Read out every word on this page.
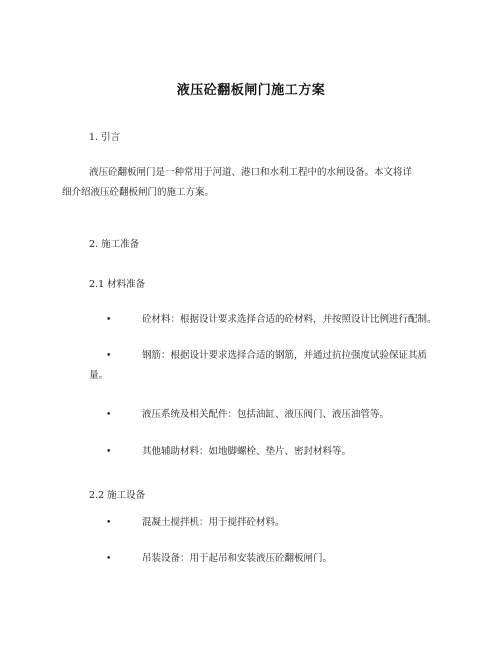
液压砼翻板闸门施工方案
1. 引言
液压砼翻板闸门是一种常用于河道、港口和水利工程中的水闸设备。本文将详
细介绍液压砼翻板闸门的施工方案。
2. 施工准备
2.1 材料准备
•	砼材料：根据设计要求选择合适的砼材料，并按照设计比例进行配制。
•	钢筋：根据设计要求选择合适的钢筋，并通过抗拉强度试验保证其质
量。
•	液压系统及相关配件：包括油缸、液压阀门、液压油管等。
•	其他辅助材料：如地脚螺栓、垫片、密封材料等。
2.2 施工设备
•	混凝土搅拌机：用于搅拌砼材料。
•	吊装设备：用于起吊和安装液压砼翻板闸门。
